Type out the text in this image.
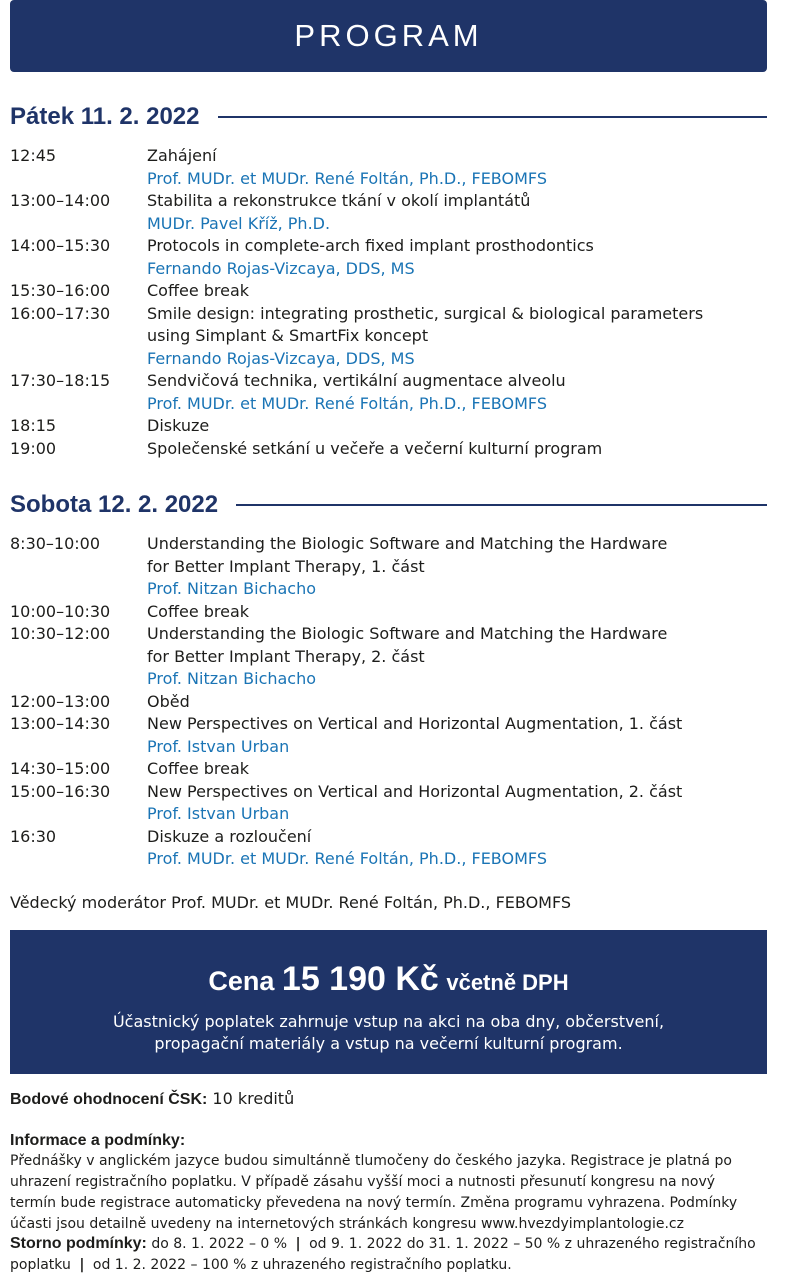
PROGRAM
Pátek 11. 2. 2022
12:45	Zahájení
Prof. MUDr. et MUDr. René Foltán, Ph.D., FEBOMFS
13:00–14:00	Stabilita a rekonstrukce tkání v okolí implantátů
MUDr. Pavel Kříž, Ph.D.
14:00–15:30	Protocols in complete-arch fixed implant prosthodontics
Fernando Rojas-Vizcaya, DDS, MS
15:30–16:00	Coffee break
16:00–17:30	Smile design: integrating prosthetic, surgical & biological parameters
using Simplant & SmartFix koncept
Fernando Rojas-Vizcaya, DDS, MS
17:30–18:15	Sendvičová technika, vertikální augmentace alveolu
Prof. MUDr. et MUDr. René Foltán, Ph.D., FEBOMFS
18:15	Diskuze
19:00	Společenské setkání u večeře a večerní kulturní program
Sobota 12. 2. 2022
8:30–10:00	Understanding the Biologic Software and Matching the Hardware
for Better Implant Therapy, 1. část
Prof. Nitzan Bichacho
10:00–10:30	Coffee break
10:30–12:00	Understanding the Biologic Software and Matching the Hardware
for Better Implant Therapy, 2. část
Prof. Nitzan Bichacho
12:00–13:00	Oběd
13:00–14:30	New Perspectives on Vertical and Horizontal Augmentation, 1. část
Prof. Istvan Urban
14:30–15:00	Coffee break
15:00–16:30	New Perspectives on Vertical and Horizontal Augmentation, 2. část
Prof. Istvan Urban
16:30	Diskuze a rozloučení
Prof. MUDr. et MUDr. René Foltán, Ph.D., FEBOMFS
Vědecký moderátor Prof. MUDr. et MUDr. René Foltán, Ph.D., FEBOMFS
Cena 15 190 Kč včetně DPH
Účastnický poplatek zahrnuje vstup na akci na oba dny, občerstvení,
propagační materiály a vstup na večerní kulturní program.
Bodové ohodnocení ČSK: 10 kreditů
Informace a podmínky:
Přednášky v anglickém jazyce budou simultánně tlumočeny do českého jazyka. Registrace je platná po
uhrazení registračního poplatku. V případě zásahu vyšší moci a nutnosti přesunutí kongresu na nový
termín bude registrace automaticky převedena na nový termín. Změna programu vyhrazena. Podmínky
účasti jsou detailně uvedeny na internetových stránkách kongresu www.hvezdyimplantologie.cz
Storno podmínky: do 8. 1. 2022 – 0 % | od 9. 1. 2022 do 31. 1. 2022 – 50 % z uhrazeného registračního
poplatku | od 1. 2. 2022 – 100 % z uhrazeného registračního poplatku.
